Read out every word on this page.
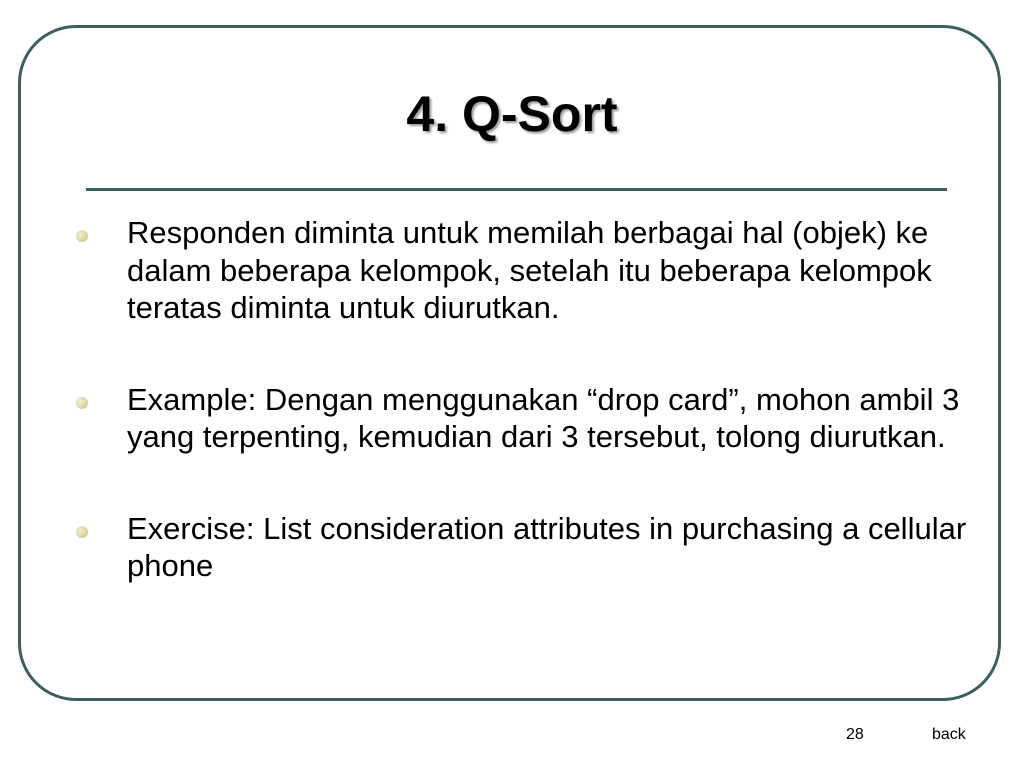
4. Q-Sort
Responden diminta untuk memilah berbagai hal (objek) ke dalam beberapa kelompok, setelah itu beberapa kelompok teratas diminta untuk diurutkan.
Example: Dengan menggunakan “drop card”, mohon ambil 3 yang terpenting, kemudian dari 3 tersebut, tolong diurutkan.
Exercise: List consideration attributes in purchasing a cellular phone
28	back
